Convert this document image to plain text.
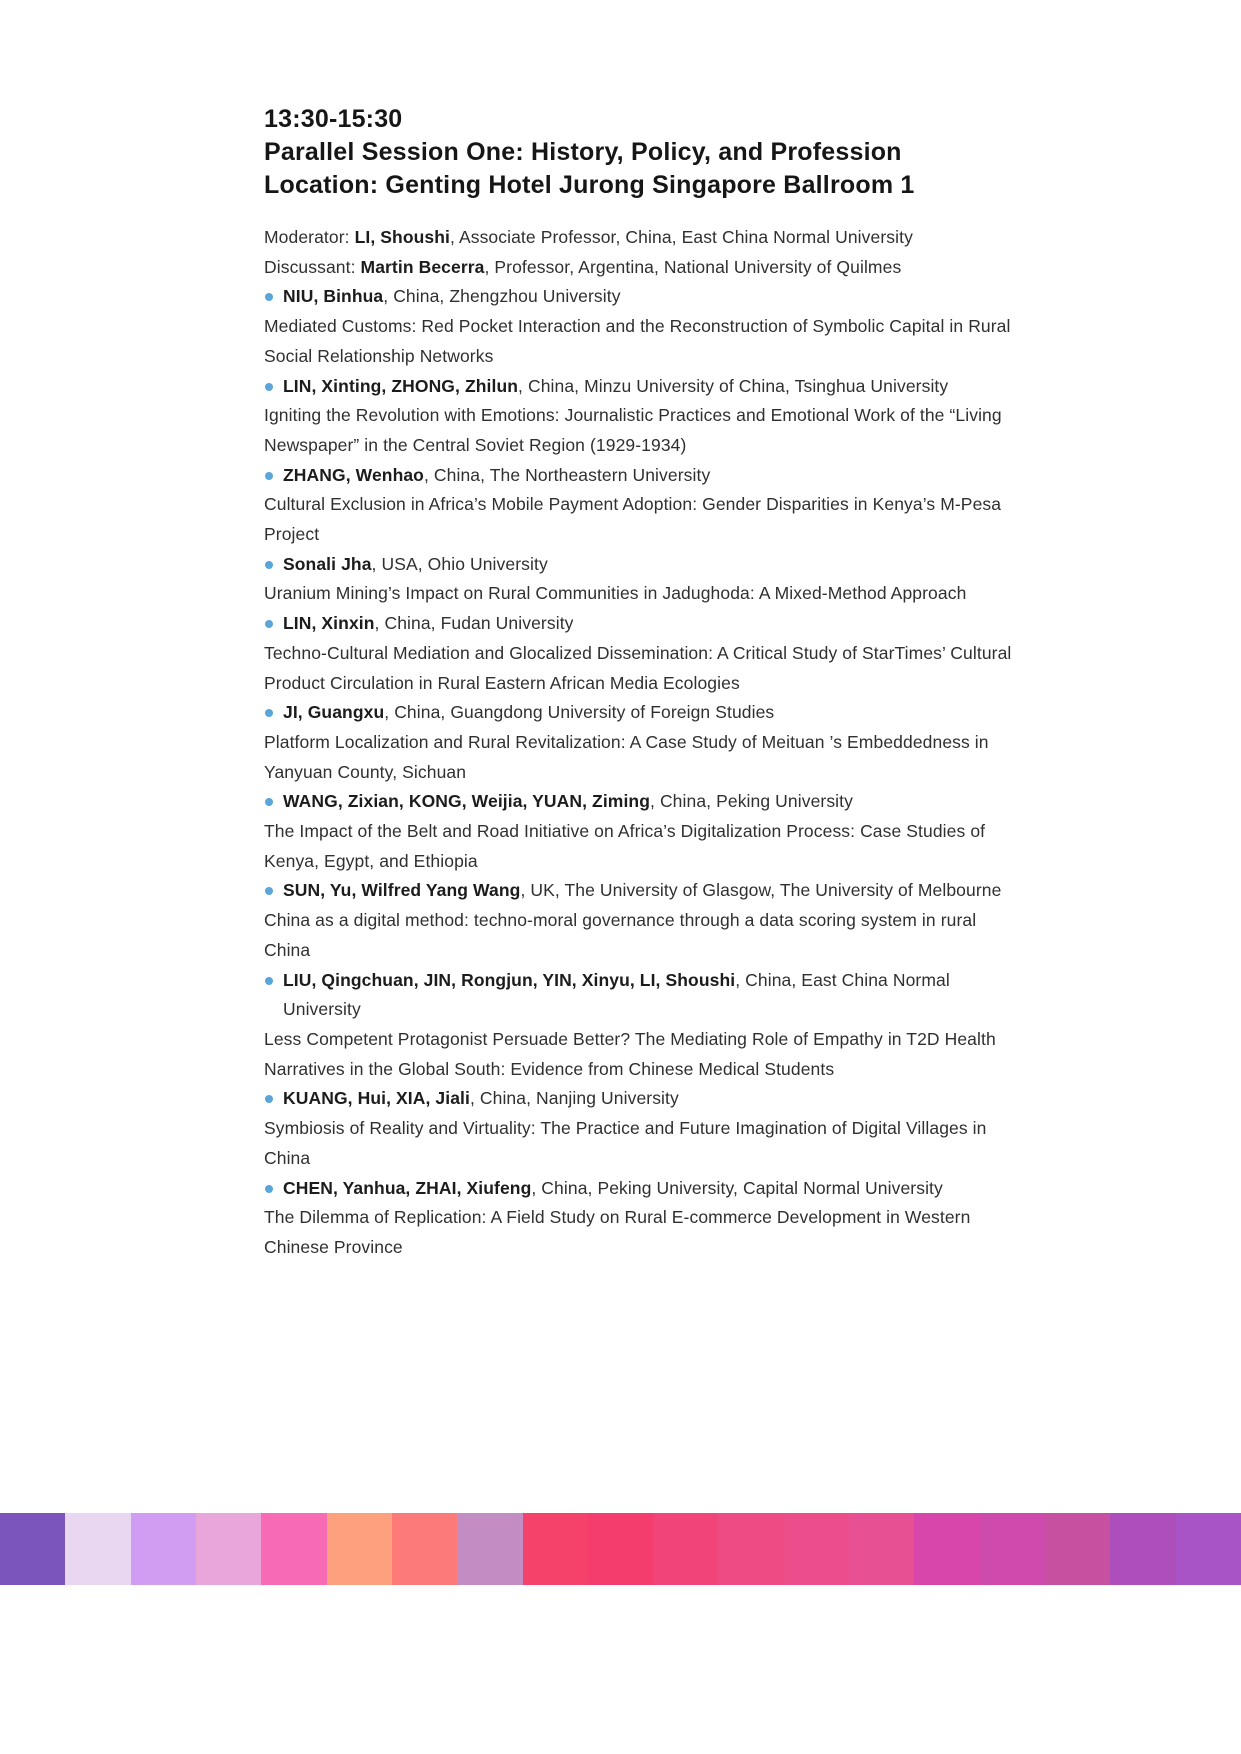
13:30-15:30
Parallel Session One: History, Policy, and Profession
Location: Genting Hotel Jurong Singapore Ballroom 1
Moderator: LI, Shoushi, Associate Professor, China, East China Normal University
Discussant: Martin Becerra, Professor, Argentina, National University of Quilmes
NIU, Binhua, China, Zhengzhou University
Mediated Customs: Red Pocket Interaction and the Reconstruction of Symbolic Capital in Rural Social Relationship Networks
LIN, Xinting, ZHONG, Zhilun, China, Minzu University of China, Tsinghua University
Igniting the Revolution with Emotions: Journalistic Practices and Emotional Work of the “Living Newspaper” in the Central Soviet Region (1929-1934)
ZHANG, Wenhao, China, The Northeastern University
Cultural Exclusion in Africa’s Mobile Payment Adoption: Gender Disparities in Kenya’s M-Pesa Project
Sonali Jha, USA, Ohio University
Uranium Mining’s Impact on Rural Communities in Jadughoda: A Mixed-Method Approach
LIN, Xinxin, China, Fudan University
Techno-Cultural Mediation and Glocalized Dissemination: A Critical Study of StarTimes’ Cultural Product Circulation in Rural Eastern African Media Ecologies
JI, Guangxu, China, Guangdong University of Foreign Studies
Platform Localization and Rural Revitalization: A Case Study of Meituan ’s Embeddedness in Yanyuan County, Sichuan
WANG, Zixian, KONG, Weijia, YUAN, Ziming, China, Peking University
The Impact of the Belt and Road Initiative on Africa’s Digitalization Process: Case Studies of Kenya, Egypt, and Ethiopia
SUN, Yu, Wilfred Yang Wang, UK, The University of Glasgow, The University of Melbourne
China as a digital method: techno-moral governance through a data scoring system in rural China
LIU, Qingchuan, JIN, Rongjun, YIN, Xinyu, LI, Shoushi, China, East China Normal University
Less Competent Protagonist Persuade Better? The Mediating Role of Empathy in T2D Health Narratives in the Global South: Evidence from Chinese Medical Students
KUANG, Hui, XIA, Jiali, China, Nanjing University
Symbiosis of Reality and Virtuality: The Practice and Future Imagination of Digital Villages in China
CHEN, Yanhua, ZHAI, Xiufeng, China, Peking University, Capital Normal University
The Dilemma of Replication: A Field Study on Rural E-commerce Development in Western Chinese Province
